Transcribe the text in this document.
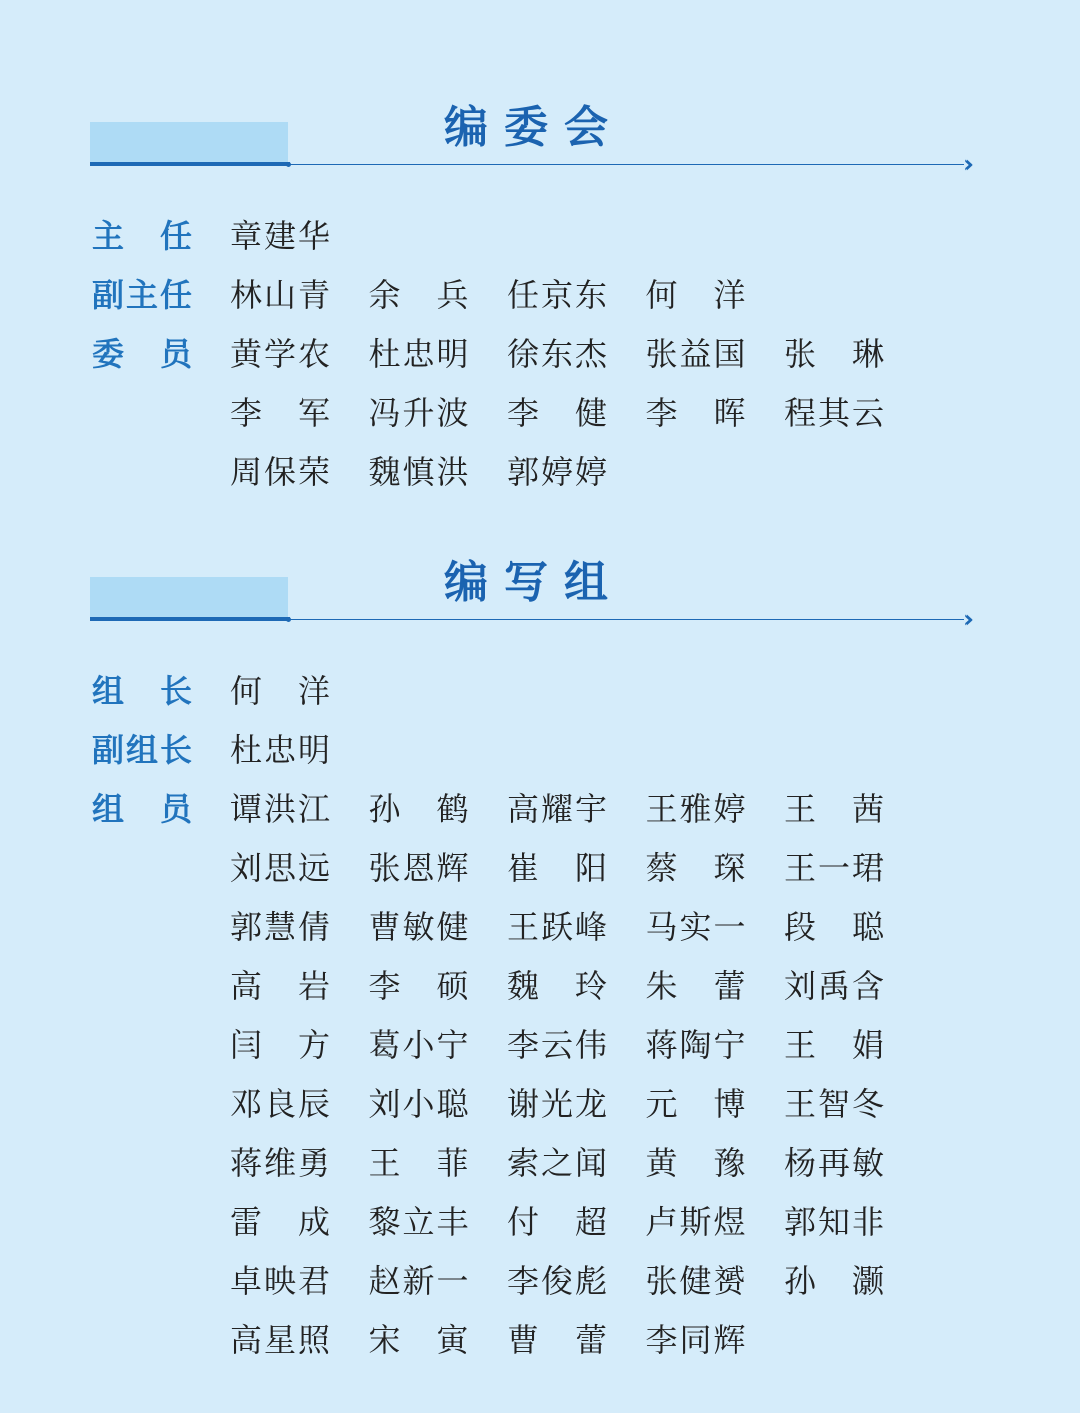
››
编委会
主 任 章 建 华
副 主 任 林 山 青 余 兵 任 京 东 何 洋
委 员 黄 学 农 杜 忠 明 徐 东 杰 张 益 国 张 琳
李 军 冯 升 波 李 健 李 晖 程 其 云
周 保 荣 魏 慎 洪 郭 婷 婷
››
编写组
组 长 何 洋
副 组 长 杜 忠 明
组 员 谭 洪 江 孙 鹤 高 耀 宇 王 雅 婷 王 茜
刘 思 远 张 恩 辉 崔 阳 蔡 琛 王 一 珺
郭 慧 倩 曹 敏 健 王 跃 峰 马 实 一 段 聪
高 岩 李 硕 魏 玲 朱 蕾 刘 禹 含
闫 方 葛 小 宁 李 云 伟 蒋 陶 宁 王 娟
邓 良 辰 刘 小 聪 谢 光 龙 元 博 王 智 冬
蒋 维 勇 王 菲 索 之 闻 黄 豫 杨 再 敏
雷 成 黎 立 丰 付 超 卢 斯 煜 郭 知 非
卓 映 君 赵 新 一 李 俊 彪 张 健 赟 孙 灏
高 星 照 宋 寅 曹 蕾 李 同 辉
